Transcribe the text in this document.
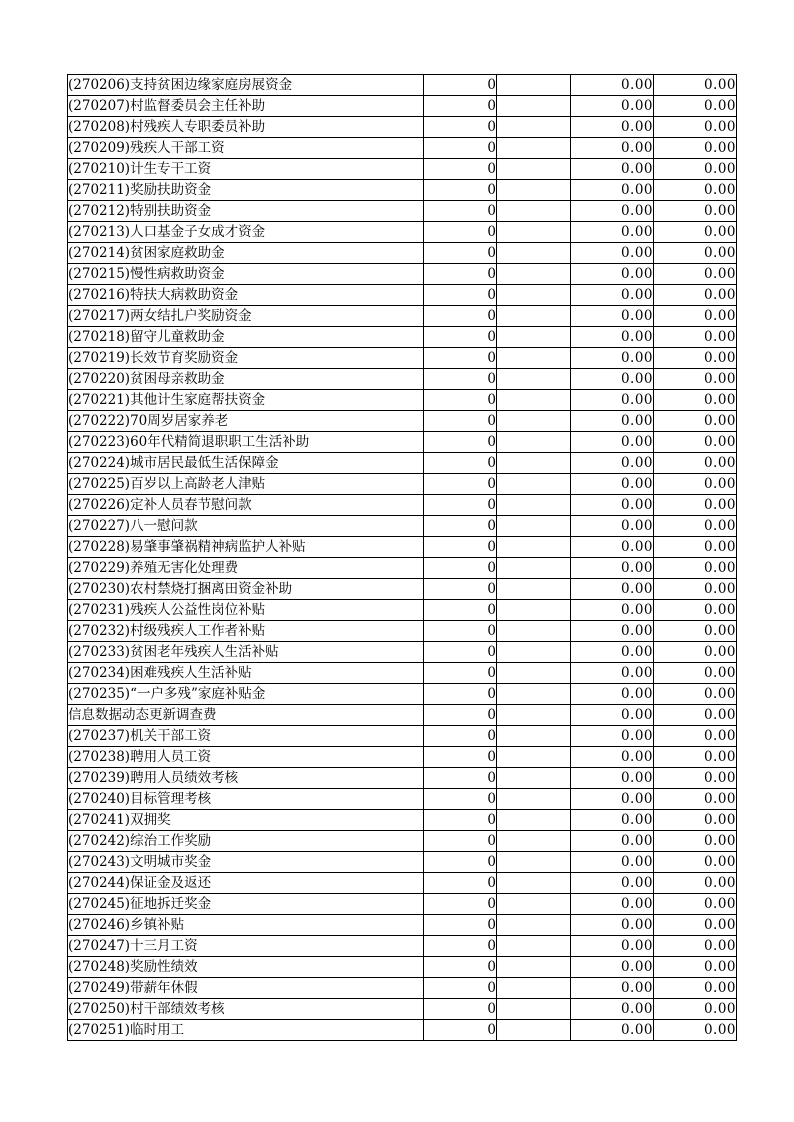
(270206)支持贫困边缘家庭房展资金	0		0.00	0.00
(270207)村监督委员会主任补助	0		0.00	0.00
(270208)村残疾人专职委员补助	0		0.00	0.00
(270209)残疾人干部工资	0		0.00	0.00
(270210)计生专干工资	0		0.00	0.00
(270211)奖励扶助资金	0		0.00	0.00
(270212)特别扶助资金	0		0.00	0.00
(270213)人口基金子女成才资金	0		0.00	0.00
(270214)贫困家庭救助金	0		0.00	0.00
(270215)慢性病救助资金	0		0.00	0.00
(270216)特扶大病救助资金	0		0.00	0.00
(270217)两女结扎户奖励资金	0		0.00	0.00
(270218)留守儿童救助金	0		0.00	0.00
(270219)长效节育奖励资金	0		0.00	0.00
(270220)贫困母亲救助金	0		0.00	0.00
(270221)其他计生家庭帮扶资金	0		0.00	0.00
(270222)70周岁居家养老	0		0.00	0.00
(270223)60年代精简退职职工生活补助	0		0.00	0.00
(270224)城市居民最低生活保障金	0		0.00	0.00
(270225)百岁以上高龄老人津贴	0		0.00	0.00
(270226)定补人员春节慰问款	0		0.00	0.00
(270227)八一慰问款	0		0.00	0.00
(270228)易肇事肇祸精神病监护人补贴	0		0.00	0.00
(270229)养殖无害化处理费	0		0.00	0.00
(270230)农村禁烧打捆离田资金补助	0		0.00	0.00
(270231)残疾人公益性岗位补贴	0		0.00	0.00
(270232)村级残疾人工作者补贴	0		0.00	0.00
(270233)贫困老年残疾人生活补贴	0		0.00	0.00
(270234)困难残疾人生活补贴	0		0.00	0.00
(270235)“一户多残”家庭补贴金	0		0.00	0.00
信息数据动态更新调查费	0		0.00	0.00
(270237)机关干部工资	0		0.00	0.00
(270238)聘用人员工资	0		0.00	0.00
(270239)聘用人员绩效考核	0		0.00	0.00
(270240)目标管理考核	0		0.00	0.00
(270241)双拥奖	0		0.00	0.00
(270242)综治工作奖励	0		0.00	0.00
(270243)文明城市奖金	0		0.00	0.00
(270244)保证金及返还	0		0.00	0.00
(270245)征地拆迁奖金	0		0.00	0.00
(270246)乡镇补贴	0		0.00	0.00
(270247)十三月工资	0		0.00	0.00
(270248)奖励性绩效	0		0.00	0.00
(270249)带薪年休假	0		0.00	0.00
(270250)村干部绩效考核	0		0.00	0.00
(270251)临时用工	0		0.00	0.00
